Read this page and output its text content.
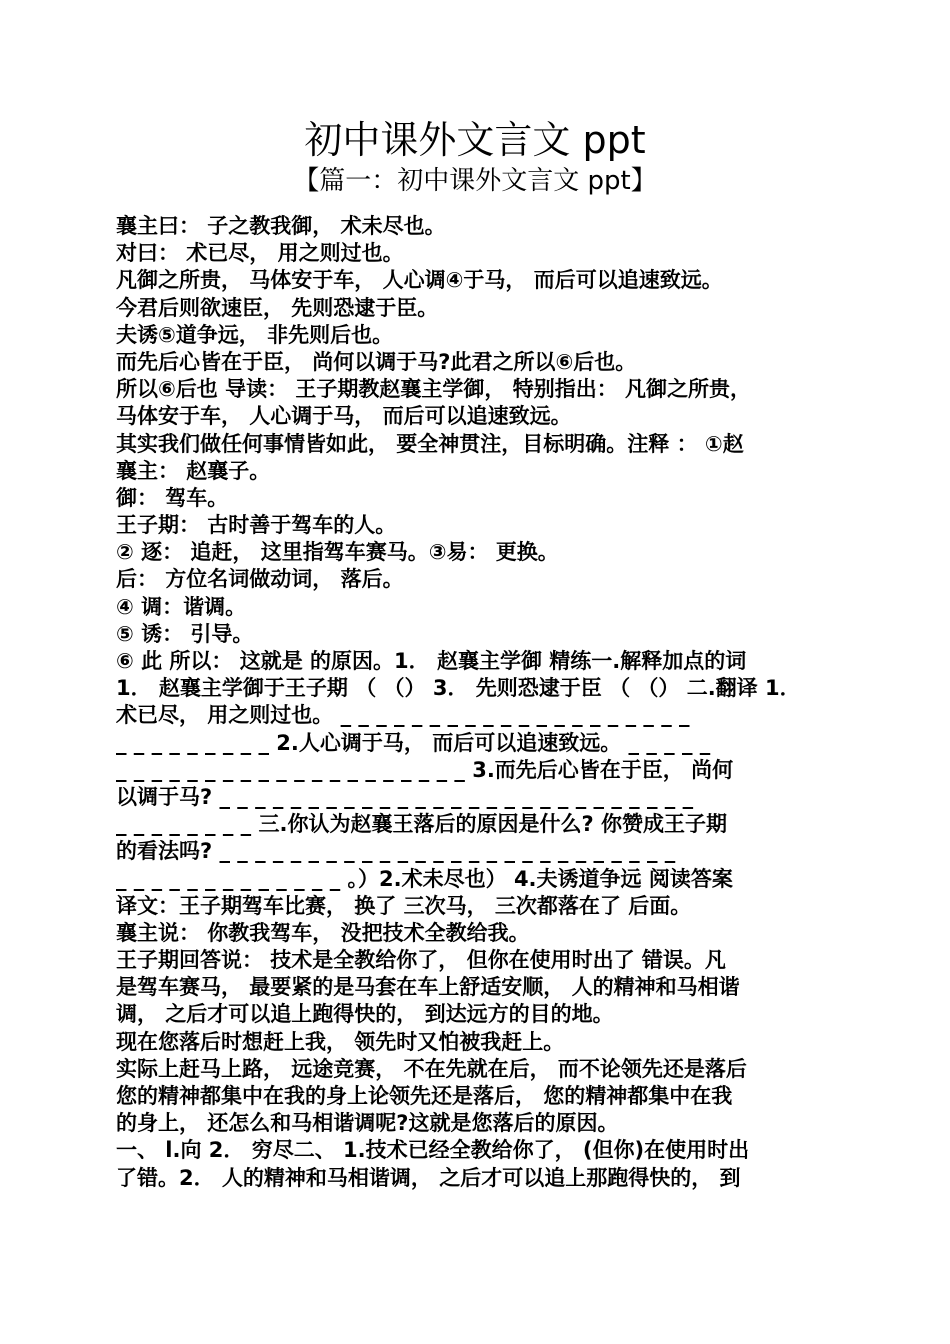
初中课外文言文 ppt
【篇一：初中课外文言文 ppt】
襄主曰： 子之教我御， 术未尽也。
对曰： 术已尽， 用之则过也。
凡御之所贵， 马体安于车， 人心调④于马， 而后可以追速致远。
今君后则欲速臣， 先则恐逮于臣。
夫诱⑤道争远， 非先则后也。
而先后心皆在于臣， 尚何以调于马?此君之所以⑥后也。
所以⑥后也 导读： 王子期教赵襄主学御， 特别指出： 凡御之所贵，
马体安于车， 人心调于马， 而后可以追速致远。
其实我们做任何事情皆如此， 要全神贯注，目标明确。注释 ： ①赵
襄主： 赵襄子。
御： 驾车。
王子期： 古时善于驾车的人。
② 逐： 追赶， 这里指驾车赛马。③易： 更换。
后： 方位名词做动词， 落后。
④ 调：谐调。
⑤ 诱： 引导。
⑥ 此 所以： 这就是 的原因。1． 赵襄主学御 精练一.解释加点的词
1． 赵襄主学御于王子期 （ （） 3． 先则恐逮于臣 （ （） 二.翻译 1．
术已尽， 用之则过也。 _ _ _ _ _ _ _ _ _ _ _ _ _ _ _ _ _ _ _ _
_ _ _ _ _ _ _ _ _ 2.人心调于马， 而后可以追速致远。 _ _ _ _ _
_ _ _ _ _ _ _ _ _ _ _ _ _ _ _ _ _ _ _ _ 3.而先后心皆在于臣， 尚何
以调于马? _ _ _ _ _ _ _ _ _ _ _ _ _ _ _ _ _ _ _ _ _ _ _ _ _ _ _
_ _ _ _ _ _ _ _ 三.你认为赵襄王落后的原因是什么? 你赞成王子期
的看法吗? _ _ _ _ _ _ _ _ _ _ _ _ _ _ _ _ _ _ _ _ _ _ _ _ _ _
_ _ _ _ _ _ _ _ _ _ _ _ _ 。）2.术未尽也） 4.夫诱道争远 阅读答案
译文：王子期驾车比赛， 换了 三次马， 三次都落在了 后面。
襄主说： 你教我驾车， 没把技术全教给我。
王子期回答说： 技术是全教给你了， 但你在使用时出了 错误。凡
是驾车赛马， 最要紧的是马套在车上舒适安顺， 人的精神和马相谐
调， 之后才可以追上跑得快的， 到达远方的目的地。
现在您落后时想赶上我， 领先时又怕被我赶上。
实际上赶马上路， 远途竞赛， 不在先就在后， 而不论领先还是落后
您的精神都集中在我的身上论领先还是落后， 您的精神都集中在我
的身上， 还怎么和马相谐调呢?这就是您落后的原因。
一、 l.向 2． 穷尽二、 1.技术已经全教给你了， (但你)在使用时出
了错。2． 人的精神和马相谐调， 之后才可以追上那跑得快的， 到
